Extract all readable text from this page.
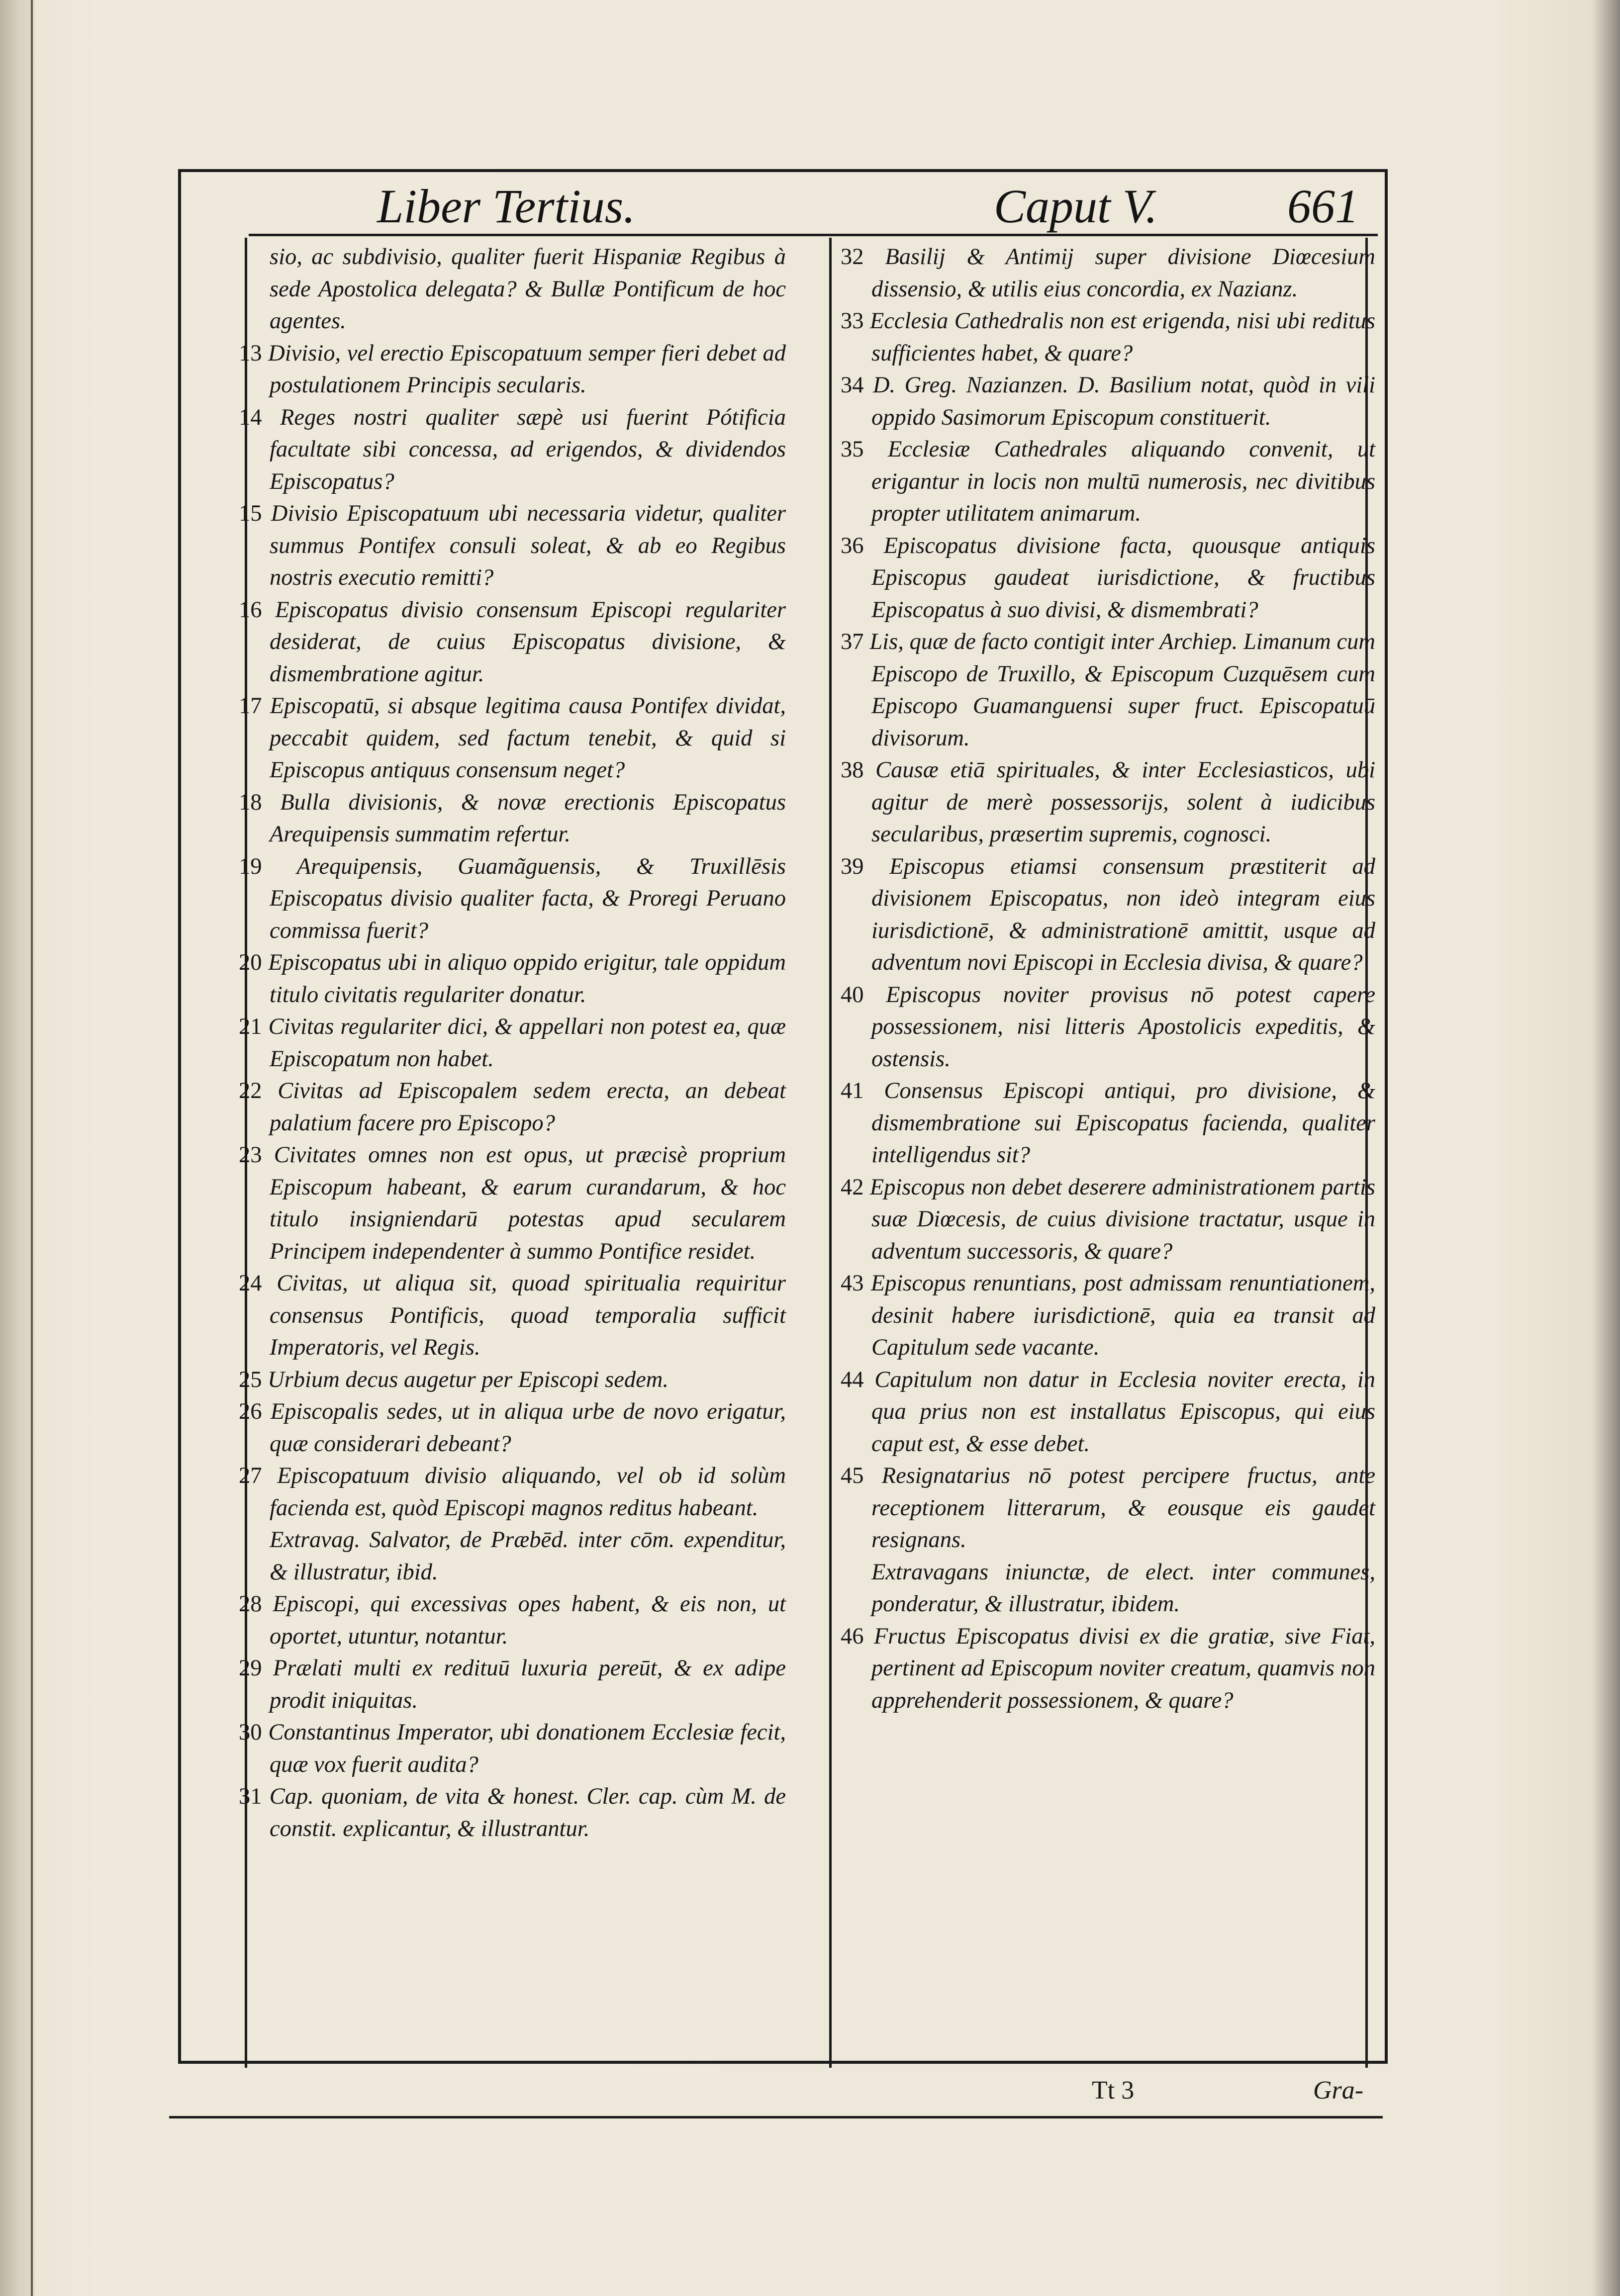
Liber Tertius.	Caput V.	661

sio, ac subdivisio, qualiter fuerit Hispaniæ Regibus à sede Apostolica delegata? & Bullæ Pontificum de hoc agentes.

13 Divisio, vel erectio Episcopatuum semper fieri debet ad postulationem Principis secularis.

14 Reges nostri qualiter sæpè usi fuerint Pótificia facultate sibi concessa, ad erigendos, & dividendos Episcopatus?

15 Divisio Episcopatuum ubi necessaria videtur, qualiter summus Pontifex consuli soleat, & ab eo Regibus nostris executio remitti?

16 Episcopatus divisio consensum Episcopi regulariter desiderat, de cuius Episcopatus divisione, & dismembratione agitur.

17 Episcopatū, si absque legitima causa Pontifex dividat, peccabit quidem, sed factum tenebit, & quid si Episcopus antiquus consensum neget?

18 Bulla divisionis, & novæ erectionis Episcopatus Arequipensis summatim refertur.

19 Arequipensis, Guamãguensis, & Truxillēsis Episcopatus divisio qualiter facta, & Proregi Peruano commissa fuerit?

20 Episcopatus ubi in aliquo oppido erigitur, tale oppidum titulo civitatis regulariter donatur.

21 Civitas regulariter dici, & appellari non potest ea, quæ Episcopatum non habet.

22 Civitas ad Episcopalem sedem erecta, an debeat palatium facere pro Episcopo?

23 Civitates omnes non est opus, ut præcisè proprium Episcopum habeant, & earum curandarum, & hoc titulo insigniendarū potestas apud secularem Principem independenter à summo Pontifice residet.

24 Civitas, ut aliqua sit, quoad spiritualia requiritur consensus Pontificis, quoad temporalia sufficit Imperatoris, vel Regis.

25 Urbium decus augetur per Episcopi sedem.

26 Episcopalis sedes, ut in aliqua urbe de novo erigatur, quæ considerari debeant?

27 Episcopatuum divisio aliquando, vel ob id solùm facienda est, quòd Episcopi magnos reditus habeant.

Extravag. Salvator, de Præbēd. inter cōm. expenditur, & illustratur, ibid.

28 Episcopi, qui excessivas opes habent, & eis non, ut oportet, utuntur, notantur.

29 Prælati multi ex redituū luxuria pereūt, & ex adipe prodit iniquitas.

30 Constantinus Imperator, ubi donationem Ecclesiæ fecit, quæ vox fuerit audita?

31 Cap. quoniam, de vita & honest. Cler. cap. cùm M. de constit. explicantur, & illustrantur.

32 Basilij & Antimij super divisione Diœcesium dissensio, & utilis eius concordia, ex Nazianz.

33 Ecclesia Cathedralis non est erigenda, nisi ubi reditus sufficientes habet, & quare?

34 D. Greg. Nazianzen. D. Basilium notat, quòd in vili oppido Sasimorum Episcopum constituerit.

35 Ecclesiæ Cathedrales aliquando convenit, ut erigantur in locis non multū numerosis, nec divitibus propter utilitatem animarum.

36 Episcopatus divisione facta, quousque antiquis Episcopus gaudeat iurisdictione, & fructibus Episcopatus à suo divisi, & dismembrati?

37 Lis, quæ de facto contigit inter Archiep. Limanum cum Episcopo de Truxillo, & Episcopum Cuzquēsem cum Episcopo Guamanguensi super fruct. Episcopatuū divisorum.

38 Causæ etiā spirituales, & inter Ecclesiasticos, ubi agitur de merè possessorijs, solent à iudicibus secularibus, præsertim supremis, cognosci.

39 Episcopus etiamsi consensum præstiterit ad divisionem Episcopatus, non ideò integram eius iurisdictionē, & administrationē amittit, usque ad adventum novi Episcopi in Ecclesia divisa, & quare?

40 Episcopus noviter provisus nō potest capere possessionem, nisi litteris Apostolicis expeditis, & ostensis.

41 Consensus Episcopi antiqui, pro divisione, & dismembratione sui Episcopatus facienda, qualiter intelligendus sit?

42 Episcopus non debet deserere administrationem partis suæ Diœcesis, de cuius divisione tractatur, usque in adventum successoris, & quare?

43 Episcopus renuntians, post admissam renuntiationem, desinit habere iurisdictionē, quia ea transit ad Capitulum sede vacante.

44 Capitulum non datur in Ecclesia noviter erecta, in qua prius non est installatus Episcopus, qui eius caput est, & esse debet.

45 Resignatarius nō potest percipere fructus, ante receptionem litterarum, & eousque eis gaudet resignans.

Extravagans iniunctæ, de elect. inter communes, ponderatur, & illustratur, ibidem.

46 Fructus Episcopatus divisi ex die gratiæ, sive Fiat, pertinent ad Episcopum noviter creatum, quamvis non apprehenderit possessionem, & quare?

Tt 3	Gra-
